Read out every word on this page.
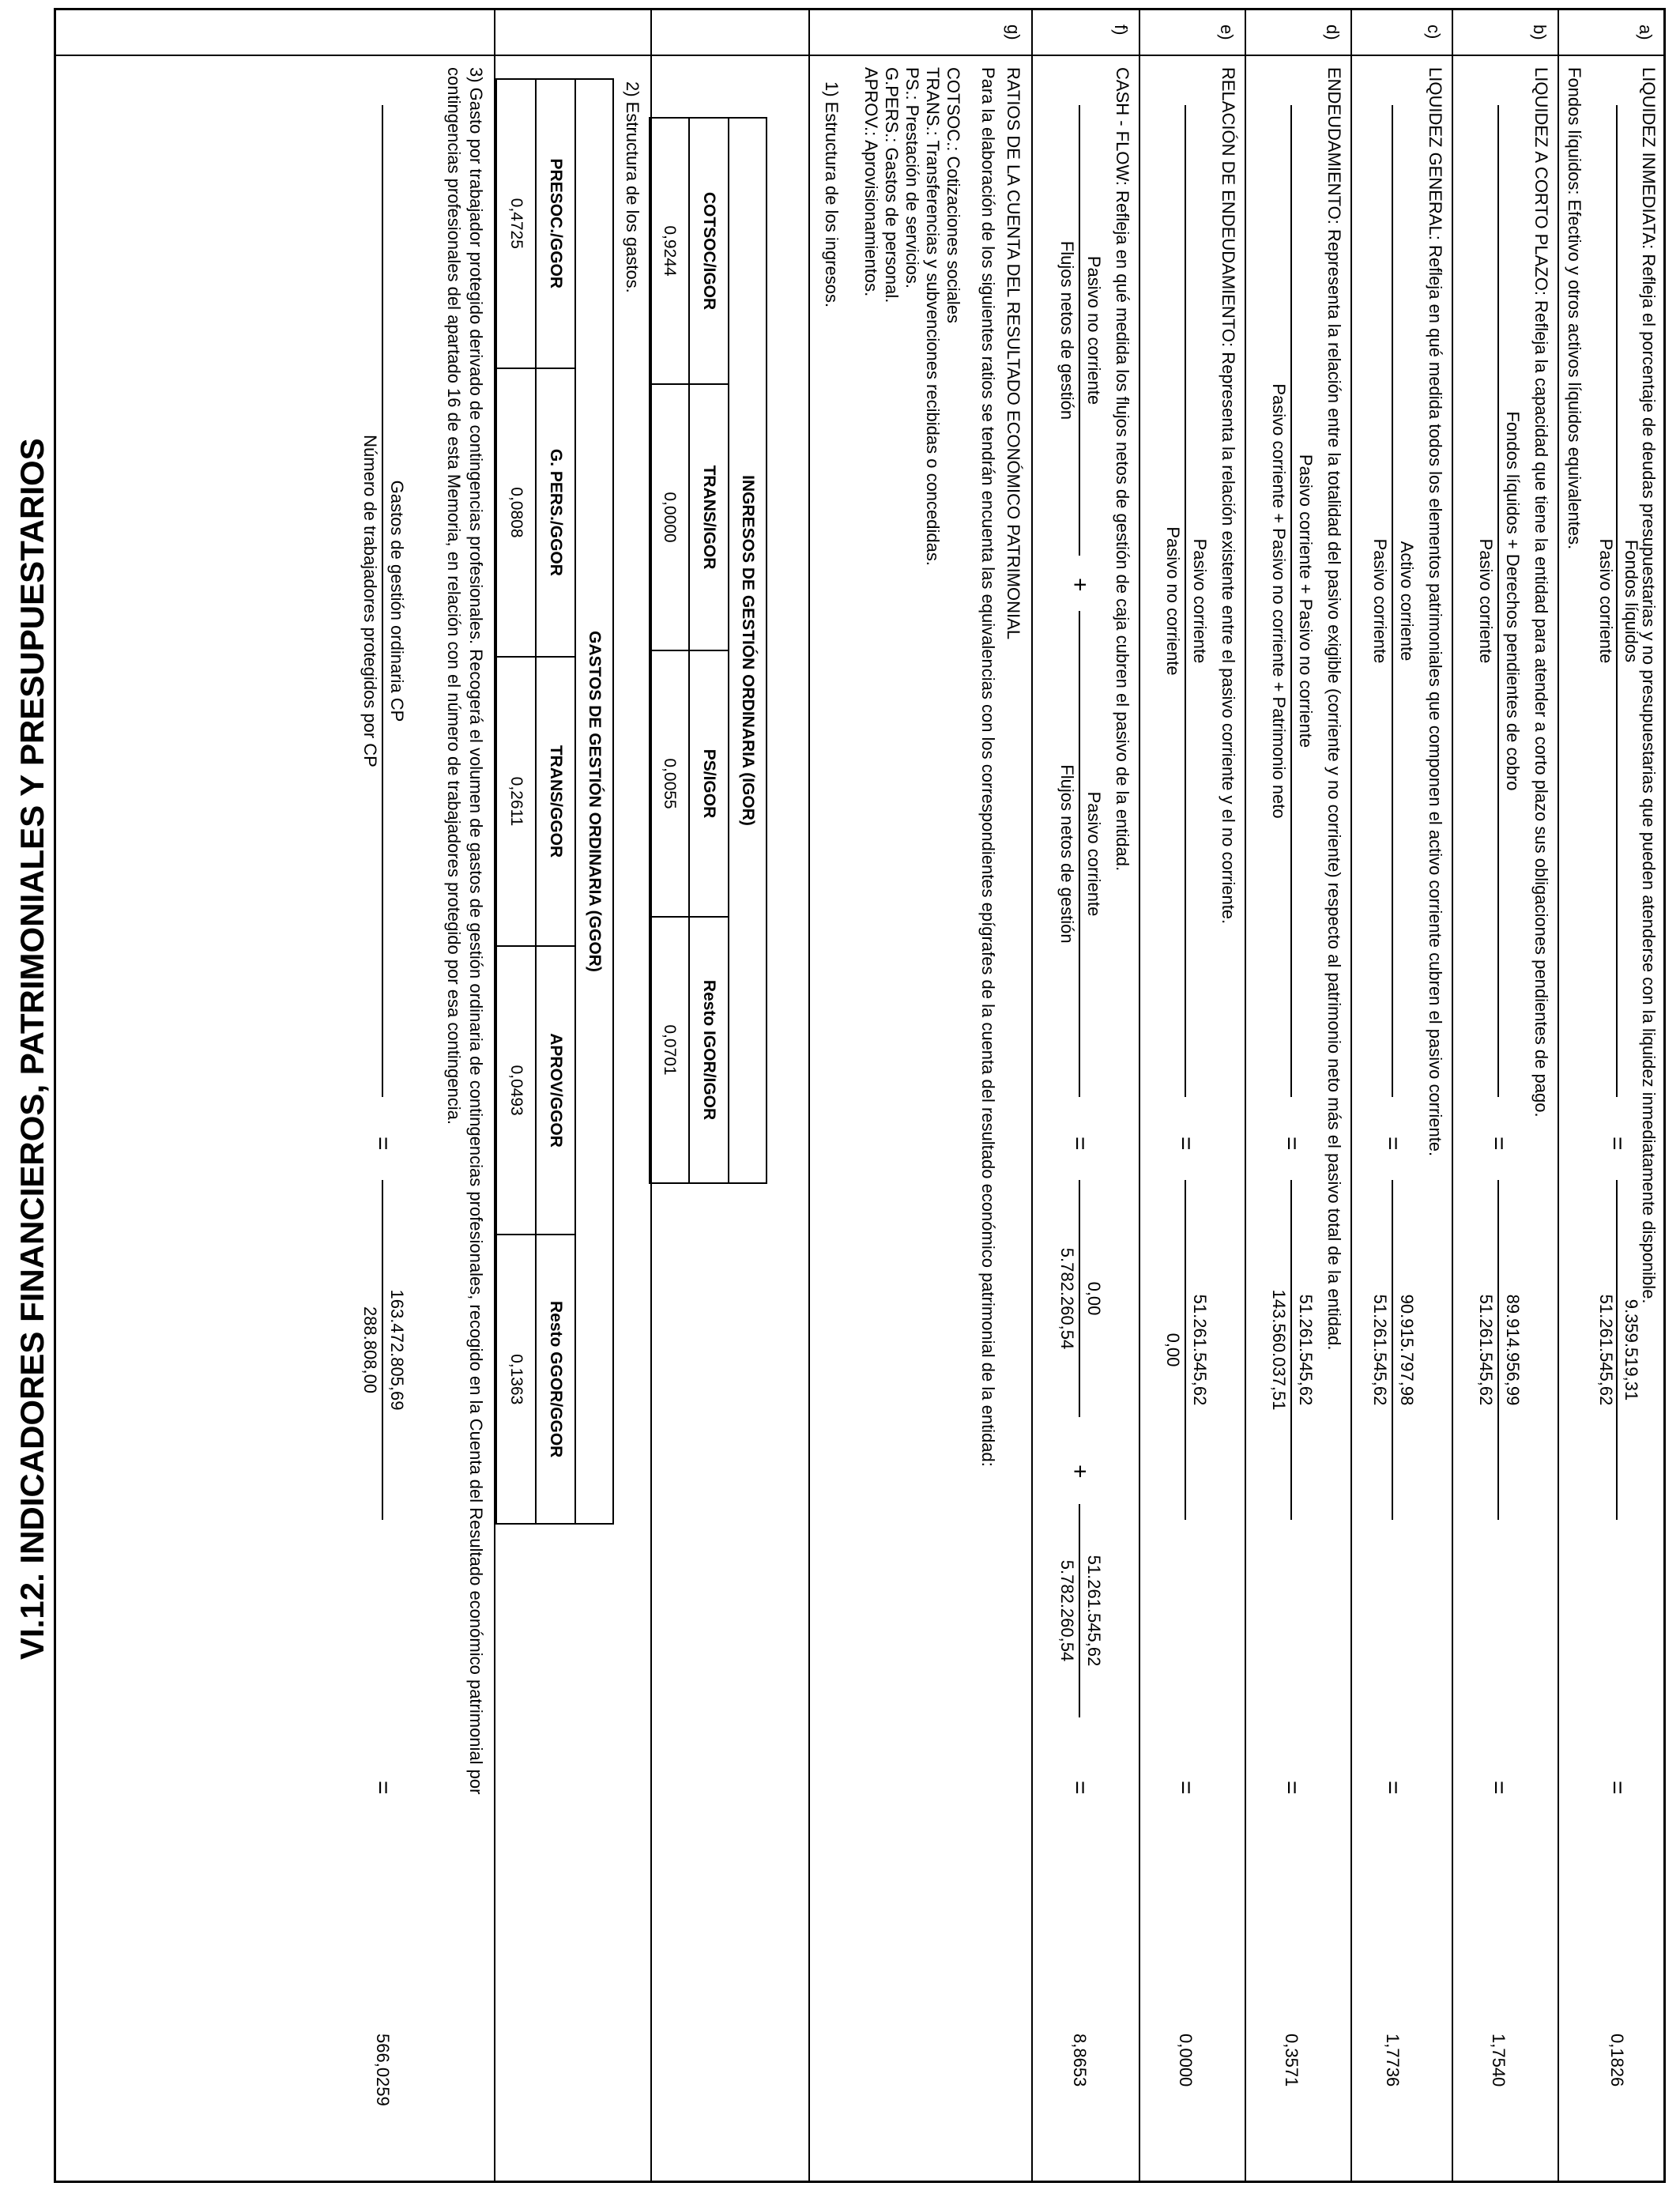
VI.12. INDICADORES FINANCIEROS, PATRIMONIALES Y PRESUPUESTARIOS
a)
LIQUIDEZ INMEDIATA: Refleja el porcentaje de deudas presupuestarias y no presupuestarias que pueden atenderse con la liquidez inmediatamente disponible.
Fondos líquidos
Pasivo corriente
=
9.359.519,31
51.261.545,62
=
0,1826
Fondos líquidos: Efectivo y otros activos líquidos equivalentes.
b)
LIQUIDEZ A CORTO PLAZO: Refleja la capacidad que tiene la entidad para atender a corto plazo sus obligaciones pendientes de pago.
Fondos líquidos + Derechos pendientes de cobro
Pasivo corriente
=
89.914.956,99
51.261.545,62
=
1,7540
c)
LIQUIDEZ GENERAL: Refleja en qué medida todos los elementos patrimoniales que componen el activo corriente cubren el pasivo corriente.
Activo corriente
Pasivo corriente
=
90.915.797,98
51.261.545,62
=
1,7736
d)
ENDEUDAMIENTO: Representa la relación entre la totalidad del pasivo exigible (corriente y no corriente) respecto al patrimonio neto más el pasivo total de la entidad.
Pasivo corriente + Pasivo no corriente
Pasivo corriente + Pasivo no corriente + Patrimonio neto
=
51.261.545,62
143.560.037,51
=
0,3571
e)
RELACIÓN DE ENDEUDAMIENTO: Representa la relación existente entre el pasivo corriente y el no corriente.
Pasivo corriente
Pasivo no corriente
=
51.261.545,62
0,00
=
0,0000
f)
CASH - FLOW: Refleja en qué medida los flujos netos de gestión de caja cubren el pasivo de la entidad.
Pasivo no corriente
Flujos netos de gestión
+
Pasivo corriente
Flujos netos de gestión
=
0,00
5.782.260,54
+
51.261.545,62
5.782.260,54
=
8,8653
g)
RATIOS DE LA CUENTA DEL RESULTADO ECONÓMICO PATRIMONIAL
Para la elaboración de los siguientes ratios se tendrán encuenta las equivalencias con los correspondientes epígrafes de la cuenta del resultado económico patrimonial de la entidad:
COTSOC.: Cotizaciones sociales
TRANS.: Transferencias y subvenciones recibidas o concedidas.
PS.: Prestación de servicios.
G.PERS.: Gastos de personal.
APROV.: Aprovisionamientos.
1) Estructura de los ingresos.
INGRESOS DE GESTIÓN ORDINARIA (IGOR)			
COTSOC/IGOR	TRANS/IGOR	PS/IGOR	Resto IGOR/IGOR
0,9244	0,0000	0,0055	0,0701
2) Estructura de los gastos.
GASTOS DE GESTIÓN ORDINARIA (GGOR)				
PRESOC./GGOR	G. PERS./GGOR	TRANS/GGOR	APROV/GGOR	Resto GGOR/GGOR
0,4725	0,0808	0,2611	0,0493	0,1363
3) Gasto por trabajador protegido derivado de contingencias profesionales. Recogerá el volumen de gastos de gestión ordinaria de contingencias profesionales, recogido en la Cuenta del Resultado económico patrimonial por
contingencias profesionales del apartado 16 de esta Memoria, en relación con el número de trabajadores protegido por esa contingencia.
Gastos de gestión ordinaria CP
Número de trabajadores protegidos por CP
=
163.472.805,69
288.808,00
=
566,0259
